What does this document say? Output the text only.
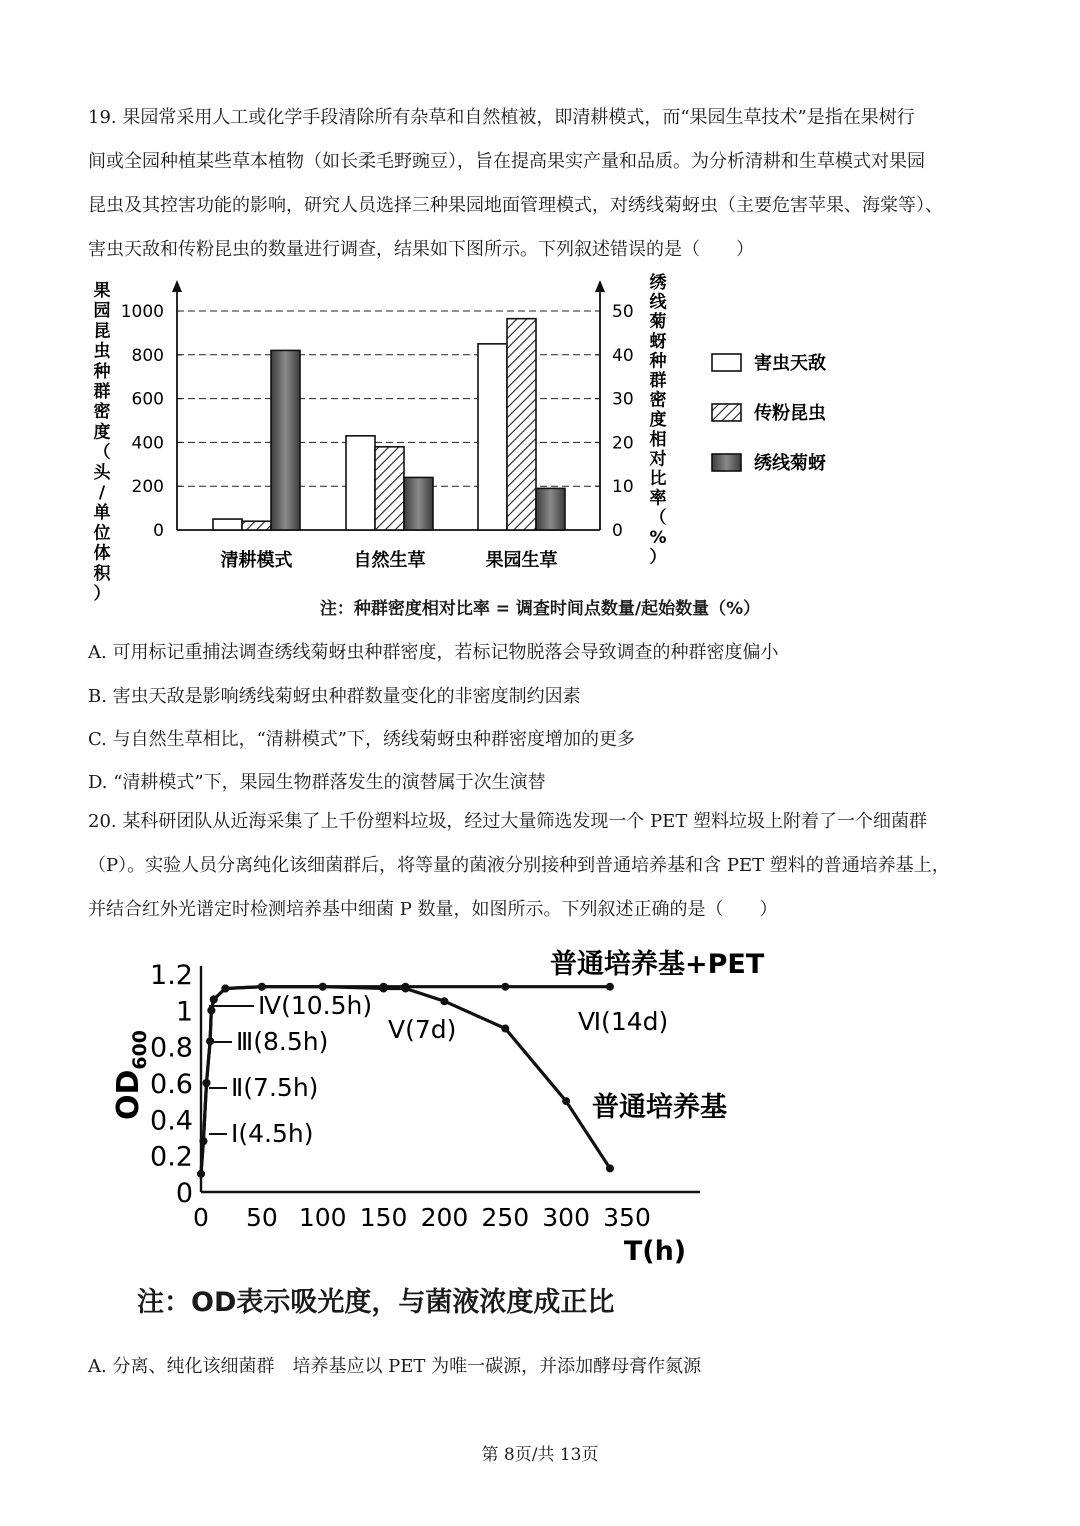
19. 果园常采用人工或化学手段清除所有杂草和自然植被，即清耕模式，而“果园生草技术”是指在果树行
间或全园种植某些草本植物（如长柔毛野豌豆），旨在提高果实产量和品质。为分析清耕和生草模式对果园
昆虫及其控害功能的影响，研究人员选择三种果园地面管理模式，对绣线菊蚜虫（主要危害苹果、海棠等）、
害虫天敌和传粉昆虫的数量进行调查，结果如下图所示。下列叙述错误的是（　　）
0
200
400
600
800
1000
0
10
20
30
40
50
果
园
昆
虫
种
群
密
度
（
头
/
单
位
体
积
）
绣
线
菊
蚜
种
群
密
度
相
对
比
率
（
%
）
清耕模式	自然生草	果园生草
害虫天敌
传粉昆虫
绣线菊蚜
注：种群密度相对比率 = 调查时间点数量/起始数量（%）
A. 可用标记重捕法调查绣线菊蚜虫种群密度，若标记物脱落会导致调查的种群密度偏小
B. 害虫天敌是影响绣线菊蚜虫种群数量变化的非密度制约因素
C. 与自然生草相比，“清耕模式”下，绣线菊蚜虫种群密度增加的更多
D. “清耕模式”下，果园生物群落发生的演替属于次生演替
20. 某科研团队从近海采集了上千份塑料垃圾，经过大量筛选发现一个 PET 塑料垃圾上附着了一个细菌群
（P）。实验人员分离纯化该细菌群后，将等量的菌液分别接种到普通培养基和含 PET 塑料的普通培养基上，
并结合红外光谱定时检测培养基中细菌 P 数量，如图所示。下列叙述正确的是（　　）
0
0.2
0.4
0.6
0.8
1
1.2
0 50 100 150 200 250 300 350
T(h)
$OD_{600}$
普通培养基+PET
普通培养基
Ⅰ(4.5h)
Ⅱ(7.5h)
Ⅲ(8.5h)
Ⅳ(10.5h)
Ⅴ(7d)	Ⅵ(14d)
注：OD表示吸光度，与菌液浓度成正比
A. 分离、纯化该细菌群　培养基应以 PET 为唯一碳源，并添加酵母膏作氮源
第 8页/共 13页
